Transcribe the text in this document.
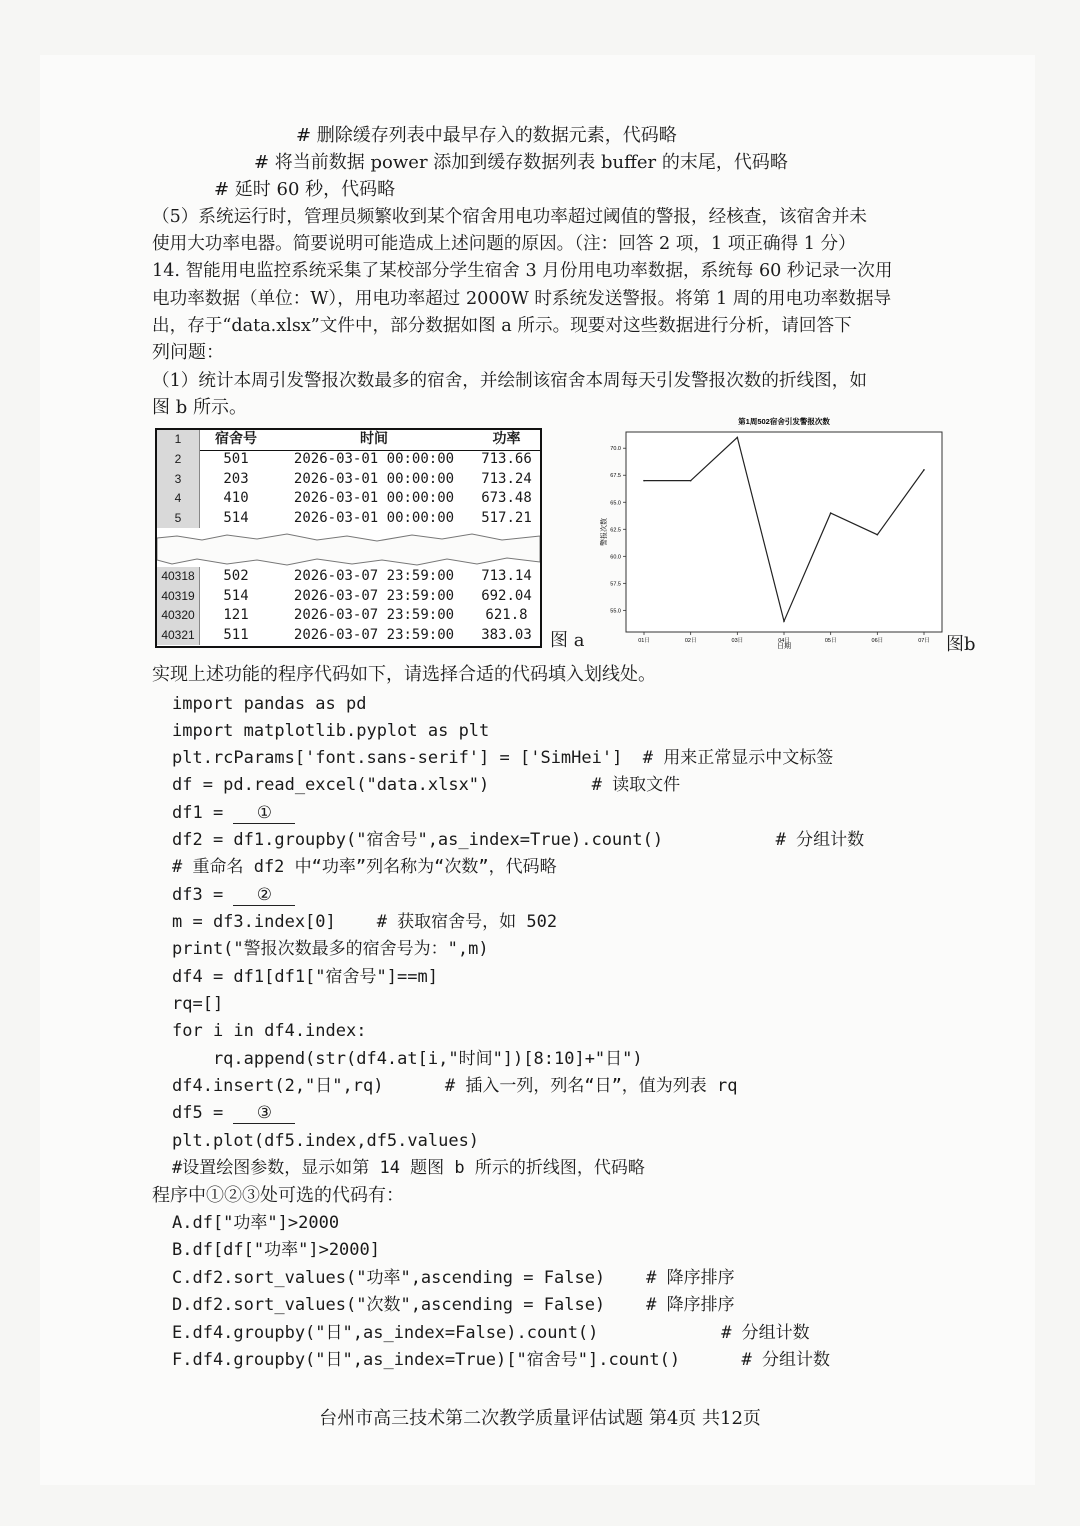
# 删除缓存列表中最早存入的数据元素，代码略
# 将当前数据 power 添加到缓存数据列表 buffer 的末尾，代码略
# 延时 60 秒，代码略
（5）系统运行时，管理员频繁收到某个宿舍用电功率超过阈值的警报，经核查，该宿舍并未
使用大功率电器。简要说明可能造成上述问题的原因。（注：回答 2 项，1 项正确得 1 分）
14. 智能用电监控系统采集了某校部分学生宿舍 3 月份用电功率数据，系统每 60 秒记录一次用
电功率数据（单位：W），用电功率超过 2000W 时系统发送警报。将第 1 周的用电功率数据导
出，存于“data.xlsx”文件中，部分数据如图 a 所示。现要对这些数据进行分析，请回答下
列问题：
（1）统计本周引发警报次数最多的宿舍，并绘制该宿舍本周每天引发警报次数的折线图，如
图 b 所示。
1	宿舍号	时间	功率
2	501	2026-03-01 00:00:00	713.66
3	203	2026-03-01 00:00:00	713.24
4	410	2026-03-01 00:00:00	673.48
5	514	2026-03-01 00:00:00	517.21
40318	502	2026-03-07 23:59:00	713.14
40319	514	2026-03-07 23:59:00	692.04
40320	121	2026-03-07 23:59:00	621.8
40321	511	2026-03-07 23:59:00	383.03	图 a
第1周502宿舍引发警报次数
55.0
57.5
60.0
62.5
65.0
67.5
70.0
01日	02日	03日	04日	05日	06日	07日
警报次数
日期	图b
实现上述功能的程序代码如下，请选择合适的代码填入划线处。
import pandas as pd
import matplotlib.pyplot as plt
plt.rcParams['font.sans-serif'] = ['SimHei']  # 用来正常显示中文标签
df = pd.read_excel("data.xlsx")          # 读取文件
df1 = ①
df2 = df1.groupby("宿舍号",as_index=True).count()           # 分组计数
# 重命名 df2 中“功率”列名称为“次数”，代码略
df3 = ②
m = df3.index[0]    # 获取宿舍号，如 502
print("警报次数最多的宿舍号为：",m)
df4 = df1[df1["宿舍号"]==m]
rq=[]
for i in df4.index:
rq.append(str(df4.at[i,"时间"])[8:10]+"日")
df4.insert(2,"日",rq)      # 插入一列，列名“日”，值为列表 rq
df5 = ③
plt.plot(df5.index,df5.values)
#设置绘图参数，显示如第 14 题图 b 所示的折线图，代码略
程序中①②③处可选的代码有：
A.df["功率"]>2000
B.df[df["功率"]>2000]
C.df2.sort_values("功率",ascending = False)    # 降序排序
D.df2.sort_values("次数",ascending = False)    # 降序排序
E.df4.groupby("日",as_index=False).count()            # 分组计数
F.df4.groupby("日",as_index=True)["宿舍号"].count()      # 分组计数
台州市高三技术第二次教学质量评估试题 第4页 共12页
